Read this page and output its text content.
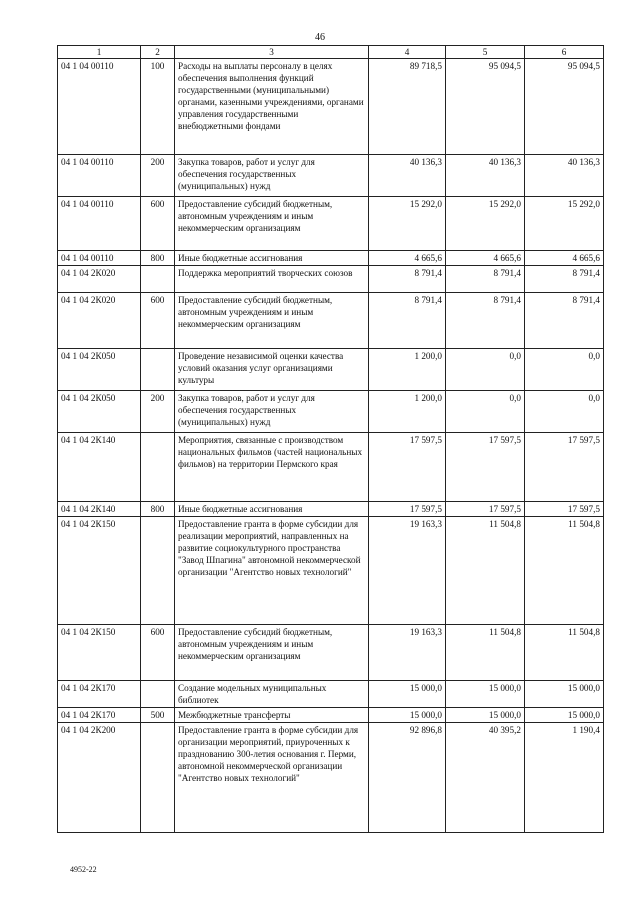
46
1	2	3	4	5	6
04 1 04 00110	100	Расходы на выплаты персоналу в целях обеспечения выполнения функций государственными (муниципальными) органами, казенными учреждениями, органами управления государственными внебюджетными фондами	89 718,5	95 094,5	95 094,5
04 1 04 00110	200	Закупка товаров, работ и услуг для обеспечения государственных (муниципальных) нужд	40 136,3	40 136,3	40 136,3
04 1 04 00110	600	Предоставление субсидий бюджетным, автономным учреждениям и иным некоммерческим организациям	15 292,0	15 292,0	15 292,0
04 1 04 00110	800	Иные бюджетные ассигнования	4 665,6	4 665,6	4 665,6
04 1 04 2К020		Поддержка мероприятий творческих союзов	8 791,4	8 791,4	8 791,4
04 1 04 2К020	600	Предоставление субсидий бюджетным, автономным учреждениям и иным некоммерческим организациям	8 791,4	8 791,4	8 791,4
04 1 04 2К050		Проведение независимой оценки качества условий оказания услуг организациями культуры	1 200,0	0,0	0,0
04 1 04 2К050	200	Закупка товаров, работ и услуг для обеспечения государственных (муниципальных) нужд	1 200,0	0,0	0,0
04 1 04 2К140		Мероприятия, связанные с производством национальных фильмов (частей национальных фильмов) на территории Пермского края	17 597,5	17 597,5	17 597,5
04 1 04 2К140	800	Иные бюджетные ассигнования	17 597,5	17 597,5	17 597,5
04 1 04 2К150		Предоставление гранта в форме субсидии для реализации мероприятий, направленных на развитие социокультурного пространства "Завод Шпагина" автономной некоммерческой организации "Агентство новых технологий"	19 163,3	11 504,8	11 504,8
04 1 04 2К150	600	Предоставление субсидий бюджетным, автономным учреждениям и иным некоммерческим организациям	19 163,3	11 504,8	11 504,8
04 1 04 2К170		Создание модельных муниципальных библиотек	15 000,0	15 000,0	15 000,0
04 1 04 2К170	500	Межбюджетные трансферты	15 000,0	15 000,0	15 000,0
04 1 04 2К200		Предоставление гранта в форме субсидии для организации мероприятий, приуроченных к празднованию 300-летия основания г. Перми, автономной некоммерческой организации "Агентство новых технологий"	92 896,8	40 395,2	1 190,4
4952-22
